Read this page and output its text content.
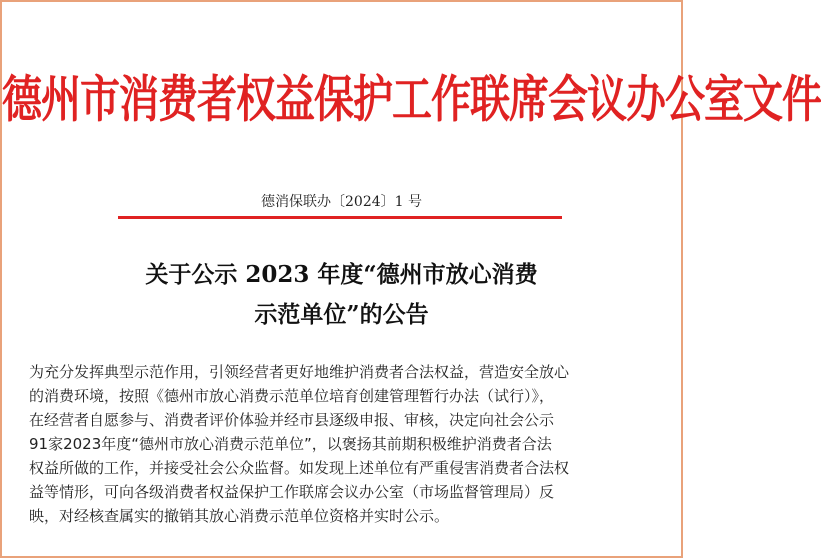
德州市消费者权益保护工作联席会议办公室文件
德消保联办〔2024〕1 号
关于公示 2023 年度“德州市放心消费
示范单位”的公告
为充分发挥典型示范作用，引领经营者更好地维护消费者合法权益，营造安全放心
的消费环境，按照《德州市放心消费示范单位培育创建管理暂行办法（试行）》，
在经营者自愿参与、消费者评价体验并经市县逐级申报、审核，决定向社会公示
91家2023年度“德州市放心消费示范单位”，以褒扬其前期积极维护消费者合法
权益所做的工作，并接受社会公众监督。如发现上述单位有严重侵害消费者合法权
益等情形，可向各级消费者权益保护工作联席会议办公室（市场监督管理局）反
映，对经核查属实的撤销其放心消费示范单位资格并实时公示。
